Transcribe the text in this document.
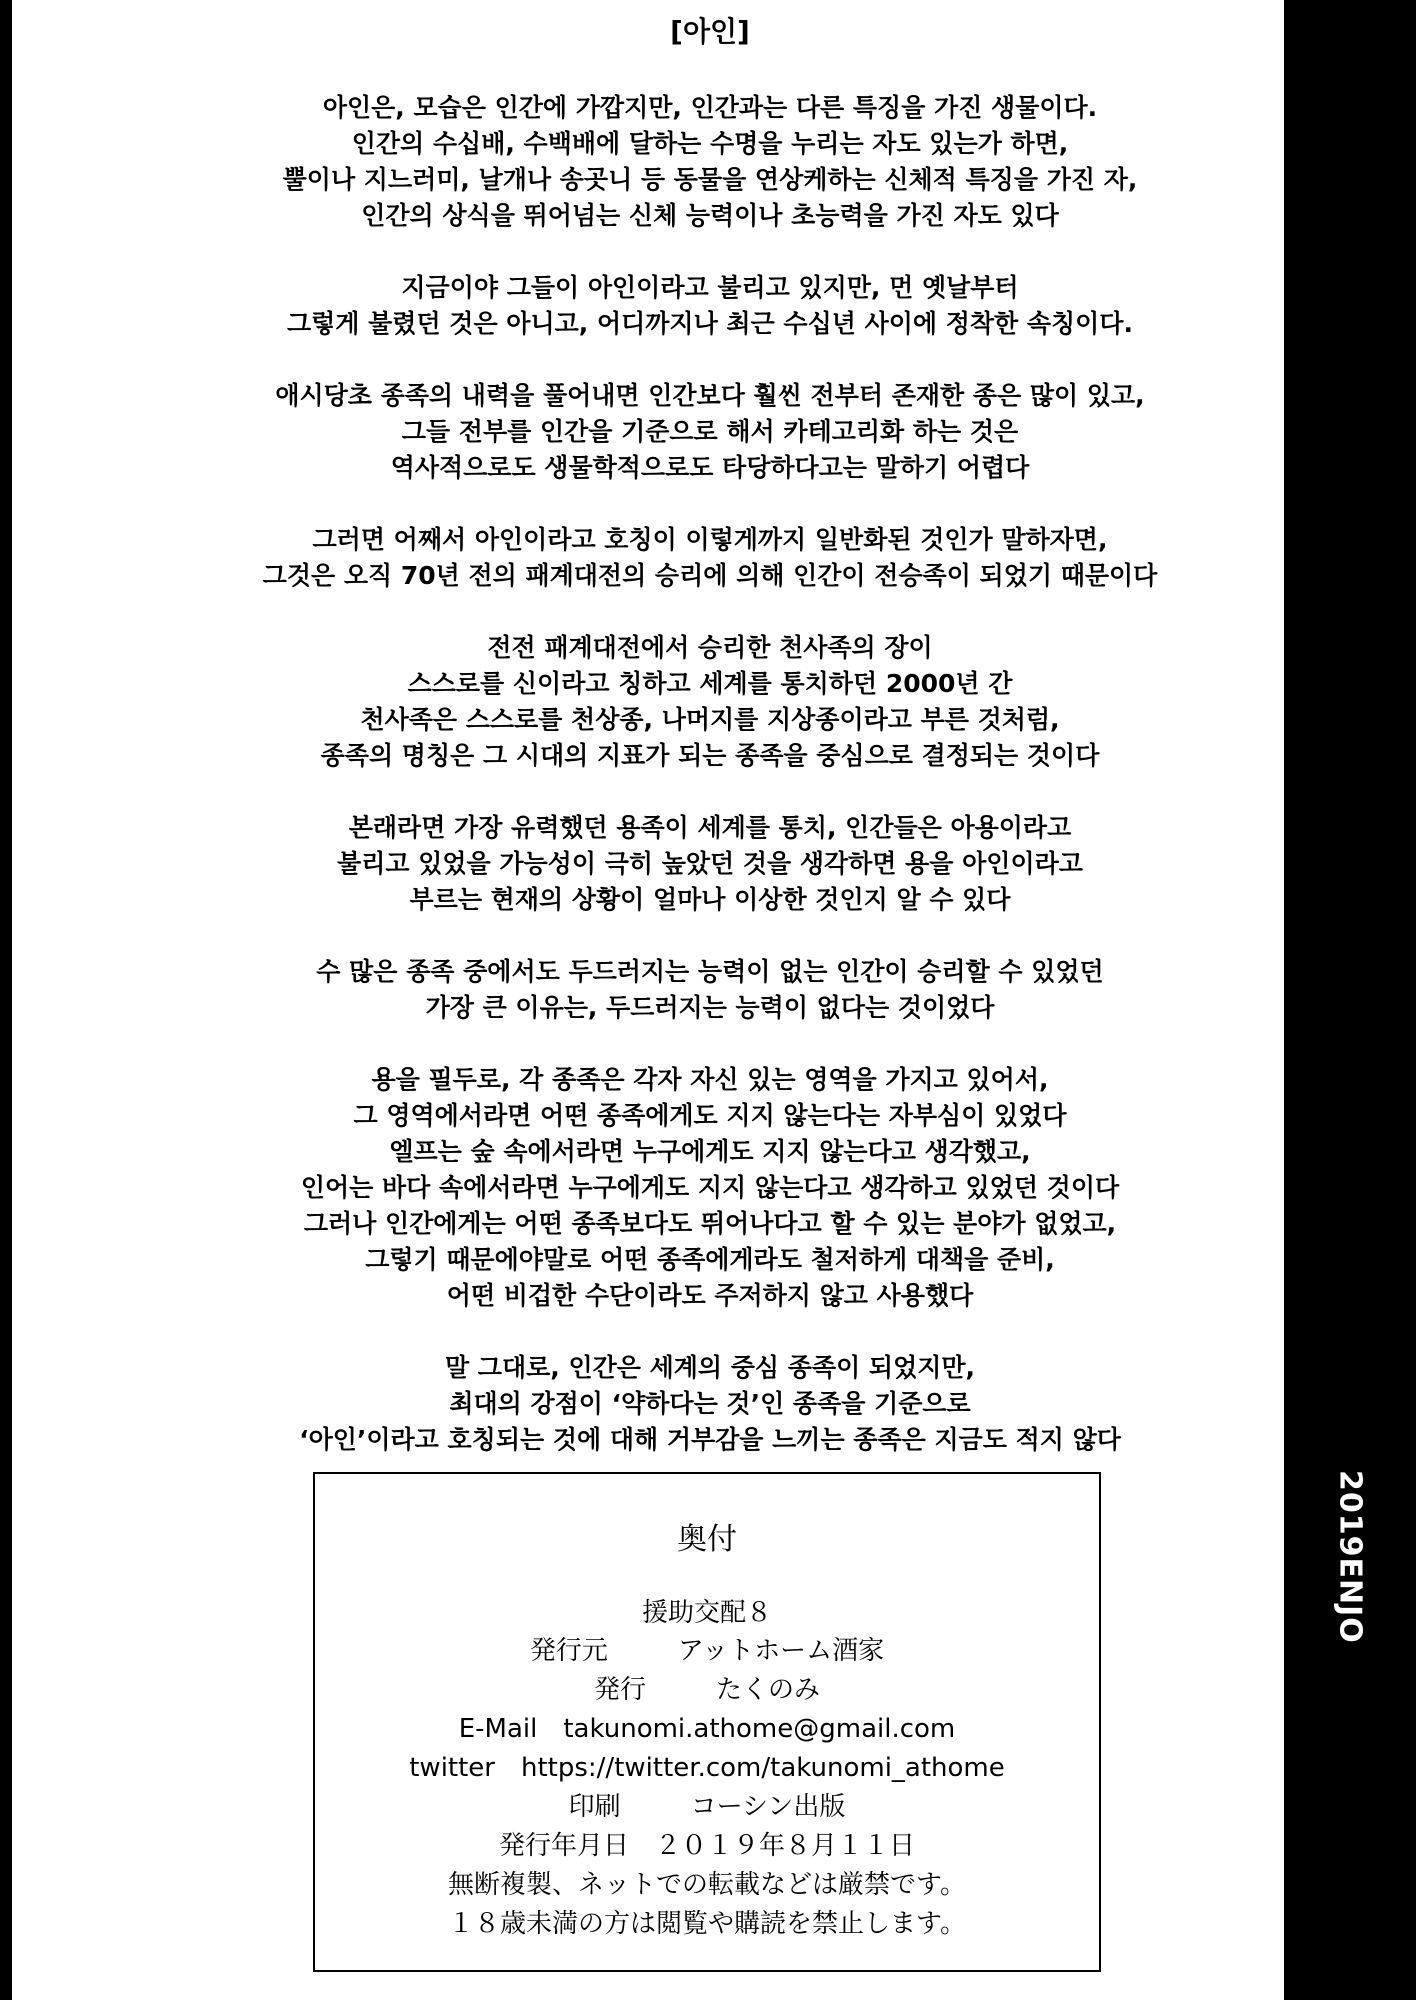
2019ENJO
[아인]
아인은, 모습은 인간에 가깝지만, 인간과는 다른 특징을 가진 생물이다.
인간의 수십배, 수백배에 달하는 수명을 누리는 자도 있는가 하면,
뿔이나 지느러미, 날개나 송곳니 등 동물을 연상케하는 신체적 특징을 가진 자,
인간의 상식을 뛰어넘는 신체 능력이나 초능력을 가진 자도 있다
지금이야 그들이 아인이라고 불리고 있지만, 먼 옛날부터
그렇게 불렸던 것은 아니고, 어디까지나 최근 수십년 사이에 정착한 속칭이다.
애시당초 종족의 내력을 풀어내면 인간보다 훨씬 전부터 존재한 종은 많이 있고,
그들 전부를 인간을 기준으로 해서 카테고리화 하는 것은
역사적으로도 생물학적으로도 타당하다고는 말하기 어렵다
그러면 어째서 아인이라고 호칭이 이렇게까지 일반화된 것인가 말하자면,
그것은 오직 70년 전의 패계대전의 승리에 의해 인간이 전승족이 되었기 때문이다
전전 패계대전에서 승리한 천사족의 장이
스스로를 신이라고 칭하고 세계를 통치하던 2000년 간
천사족은 스스로를 천상종, 나머지를 지상종이라고 부른 것처럼,
종족의 명칭은 그 시대의 지표가 되는 종족을 중심으로 결정되는 것이다
본래라면 가장 유력했던 용족이 세계를 통치, 인간들은 아용이라고
불리고 있었을 가능성이 극히 높았던 것을 생각하면 용을 아인이라고
부르는 현재의 상황이 얼마나 이상한 것인지 알 수 있다
수 많은 종족 중에서도 두드러지는 능력이 없는 인간이 승리할 수 있었던
가장 큰 이유는, 두드러지는 능력이 없다는 것이었다
용을 필두로, 각 종족은 각자 자신 있는 영역을 가지고 있어서,
그 영역에서라면 어떤 종족에게도 지지 않는다는 자부심이 있었다
엘프는 숲 속에서라면 누구에게도 지지 않는다고 생각했고,
인어는 바다 속에서라면 누구에게도 지지 않는다고 생각하고 있었던 것이다
그러나 인간에게는 어떤 종족보다도 뛰어나다고 할 수 있는 분야가 없었고,
그렇기 때문에야말로 어떤 종족에게라도 철저하게 대책을 준비,
어떤 비겁한 수단이라도 주저하지 않고 사용했다
말 그대로, 인간은 세계의 중심 종족이 되었지만,
최대의 강점이 ‘약하다는 것’인 종족을 기준으로
‘아인’이라고 호칭되는 것에 대해 거부감을 느끼는 종족은 지금도 적지 않다
奥付
援助交配８
発行元	アットホーム酒家
発行	たくのみ
E-Mail takunomi.athome@gmail.com
twitter https://twitter.com/takunomi_athome
印刷	コーシン出版
発行年月日 ２０１９年８月１１日
無断複製、ネットでの転載などは厳禁です。
１８歳未満の方は閲覧や購読を禁止します。
